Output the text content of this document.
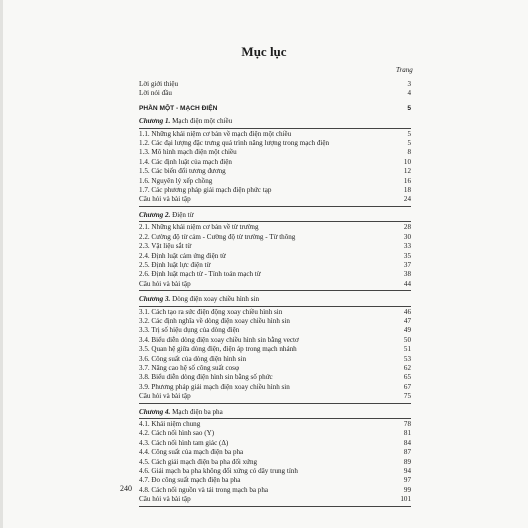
Mục lục
Trang
Lời giới thiệu	3
Lời nói đầu	4
PHẦN MỘT - MẠCH ĐIỆN	5
Chương 1. Mạch điện một chiều
1.1. Những khái niệm cơ bản về mạch điện một chiều	5
1.2. Các đại lượng đặc trưng quá trình năng lượng trong mạch điện	5
1.3. Mô hình mạch điện một chiều	8
1.4. Các định luật của mạch điện	10
1.5. Các biến đổi tương đương	12
1.6. Nguyên lý xếp chồng	16
1.7. Các phương pháp giải mạch điện phức tạp	18
Câu hỏi và bài tập	24
Chương 2. Điện từ
2.1. Những khái niệm cơ bản về từ trường	28
2.2. Cường độ từ cảm - Cường độ từ trường - Từ thông	30
2.3. Vật liệu sắt từ	33
2.4. Định luật cảm ứng điện từ	35
2.5. Định luật lực điện từ	37
2.6. Định luật mạch từ - Tính toán mạch từ	38
Câu hỏi và bài tập	44
Chương 3. Dòng điện xoay chiều hình sin
3.1. Cách tạo ra sức điện động xoay chiều hình sin	46
3.2. Các định nghĩa về dòng điện xoay chiều hình sin	47
3.3. Trị số hiệu dụng của dòng điện	49
3.4. Biểu diễn dòng điện xoay chiều hình sin bằng vectơ	50
3.5. Quan hệ giữa dòng điện, điện áp trong mạch nhánh	51
3.6. Công suất của dòng điện hình sin	53
3.7. Nâng cao hệ số công suất cosφ	62
3.8. Biểu diễn dòng điện hình sin bằng số phức	65
3.9. Phương pháp giải mạch điện xoay chiều hình sin	67
Câu hỏi và bài tập	75
Chương 4. Mạch điện ba pha
4.1. Khái niệm chung	78
4.2. Cách nối hình sao (Y)	81
4.3. Cách nối hình tam giác (Δ)	84
4.4. Công suất của mạch điện ba pha	87
4.5. Cách giải mạch điện ba pha đối xứng	89
4.6. Giải mạch ba pha không đối xứng có dây trung tính	94
4.7. Đo công suất mạch điện ba pha	97
4.8. Cách nối nguồn và tải trong mạch ba pha	99
Câu hỏi và bài tập	101
240
